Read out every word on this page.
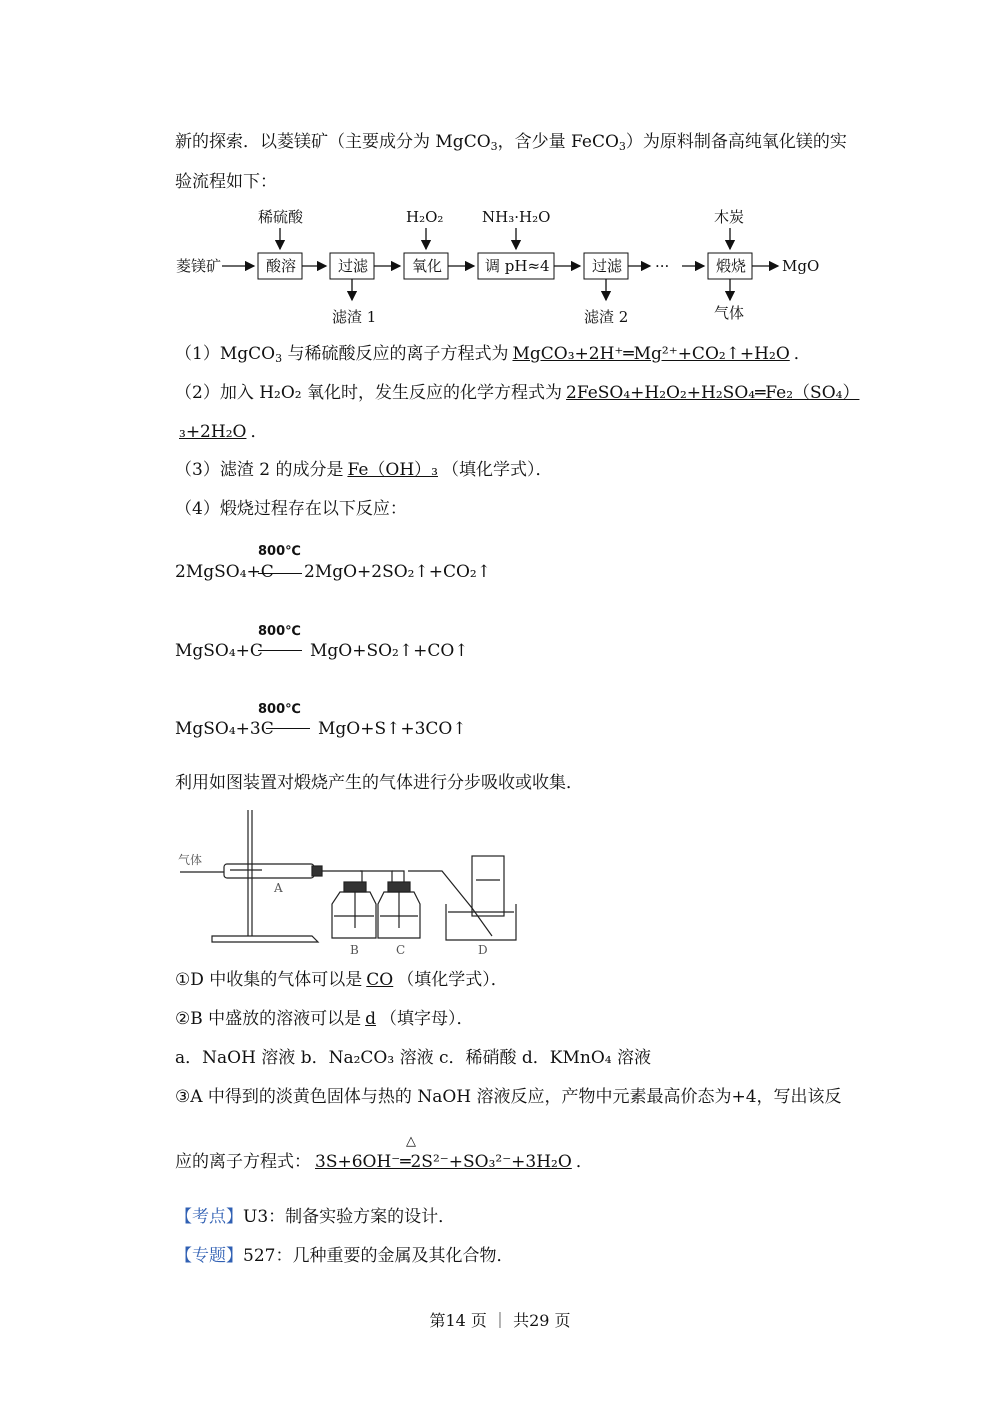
新的探索．以菱镁矿（主要成分为 MgCO$_3$，含少量 FeCO$_3$）为原料制备高纯氧化镁的实
验流程如下：
菱镁矿	酸溶	过滤	氧化	调 pH≈4	过滤 ···	煅烧 MgO
稀硫酸	H₂O₂	NH₃·H₂O	木炭
滤渣 1	滤渣 2	气体
（1）MgCO$_3$ 与稀硫酸反应的离子方程式为 MgCO₃+2H⁺═Mg²⁺+CO₂↑+H₂O ．
（2）加入 H₂O₂ 氧化时，发生反应的化学方程式为 2FeSO₄+H₂O₂+H₂SO₄═Fe₂（SO₄）
₃+2H₂O ．
（3）滤渣 2 的成分是 Fe（OH）₃ （填化学式）．
（4）煅烧过程存在以下反应：
800℃
2MgSO₄+C 2MgO+2SO₂↑+CO₂↑
800℃
MgSO₄+C	MgO+SO₂↑+CO↑
800℃
MgSO₄+3C	MgO+S↑+3CO↑
利用如图装置对煅烧产生的气体进行分步吸收或收集．
气体
A
B	C	D
①D 中收集的气体可以是 CO （填化学式）．
②B 中盛放的溶液可以是 d （填字母）．
a．NaOH 溶液 b．Na₂CO₃ 溶液 c．稀硝酸 d．KMnO₄ 溶液
③A 中得到的淡黄色固体与热的 NaOH 溶液反应，产物中元素最高价态为+4，写出该反
△
应的离子方程式： 3S+6OH⁻═2S²⁻+SO₃²⁻+3H₂O ．
【考点】U3：制备实验方案的设计．
【专题】527：几种重要的金属及其化合物．
第14 页 ｜ 共29 页
